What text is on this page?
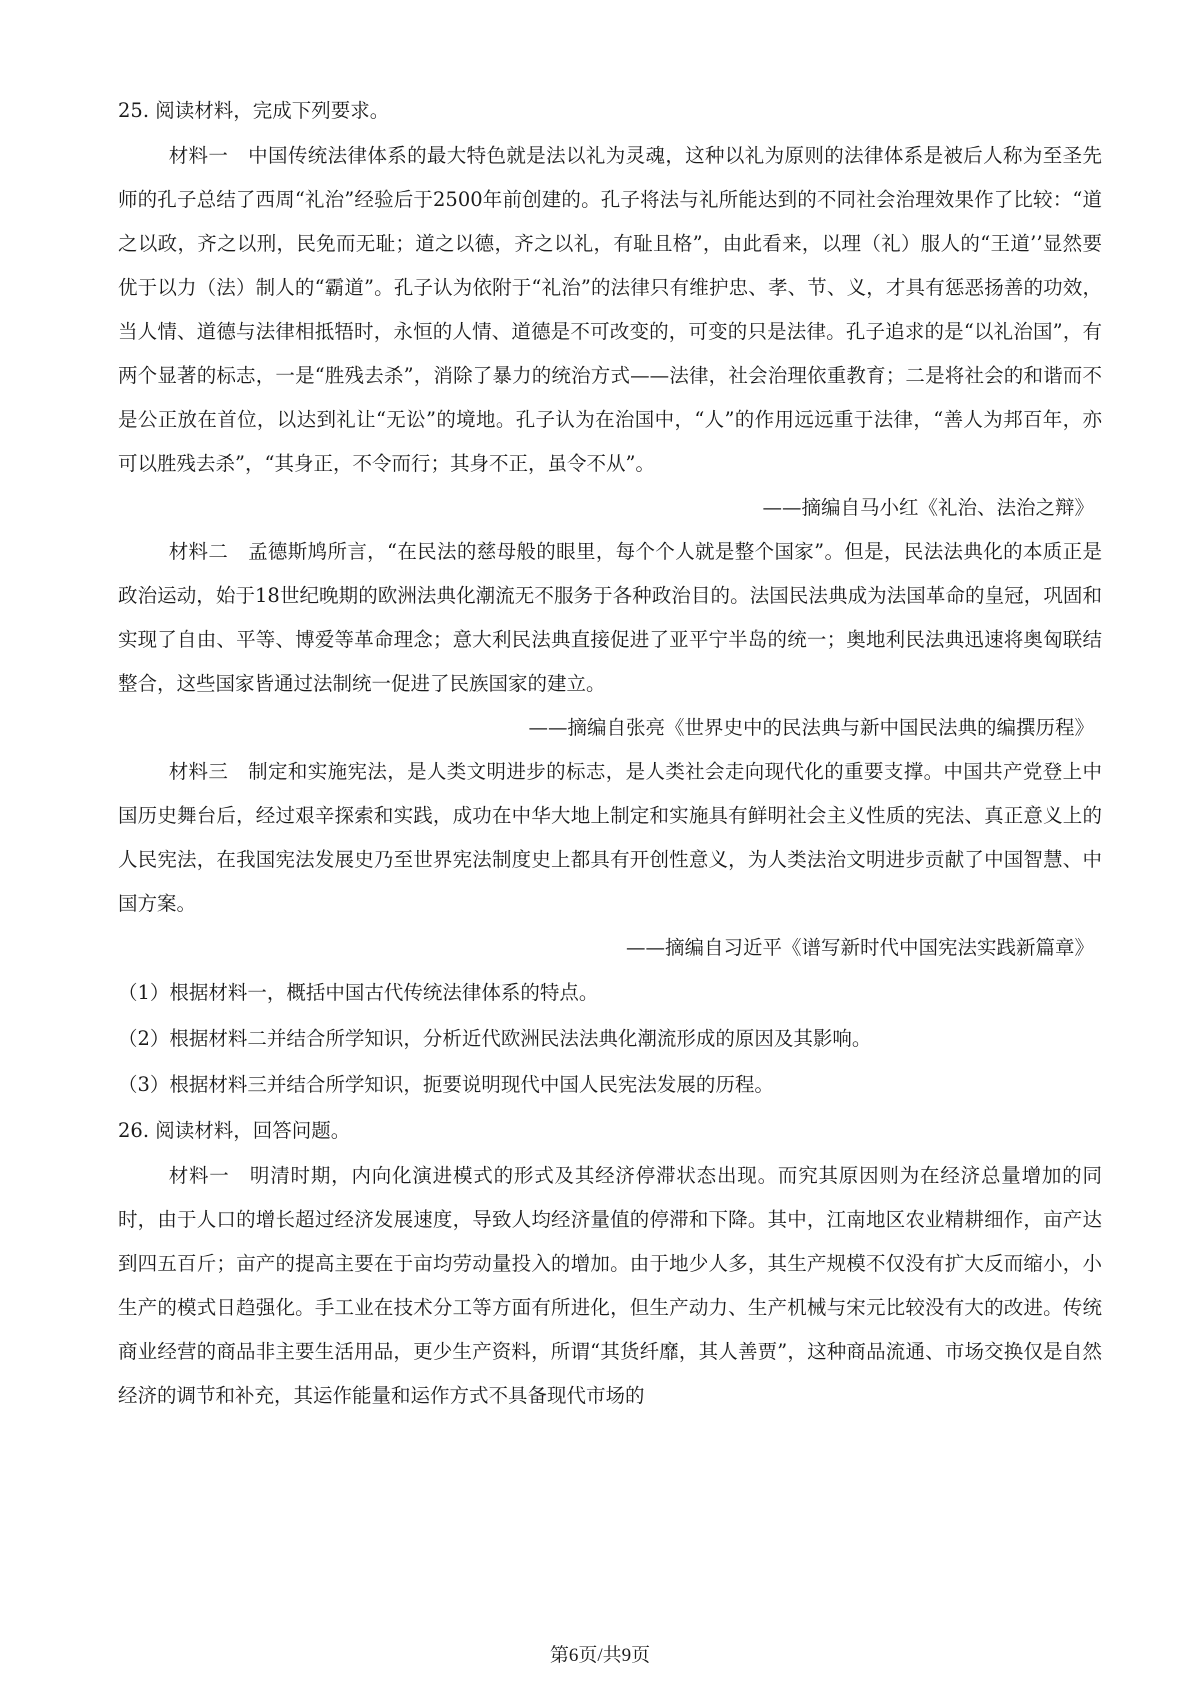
25. 阅读材料，完成下列要求。

材料一　中国传统法律体系的最大特色就是法以礼为灵魂，这种以礼为原则的法律体系是被后人称为至圣先师的孔子总结了西周“礼治”经验后于2500年前创建的。孔子将法与礼所能达到的不同社会治理效果作了比较：“道之以政，齐之以刑，民免而无耻；道之以德，齐之以礼，有耻且格”，由此看来，以理（礼）服人的“王道’’显然要优于以力（法）制人的“霸道”。孔子认为依附于“礼治”的法律只有维护忠、孝、节、义，才具有惩恶扬善的功效，当人情、道德与法律相抵牾时，永恒的人情、道德是不可改变的，可变的只是法律。孔子追求的是“以礼治国”，有两个显著的标志，一是“胜残去杀”，消除了暴力的统治方式——法律，社会治理依重教育；二是将社会的和谐而不是公正放在首位，以达到礼让“无讼”的境地。孔子认为在治国中，“人”的作用远远重于法律，“善人为邦百年，亦可以胜残去杀”，“其身正，不令而行；其身不正，虽令不从”。

——摘编自马小红《礼治、法治之辩》

材料二　孟德斯鸠所言，“在民法的慈母般的眼里，每个个人就是整个国家”。但是，民法法典化的本质正是政治运动，始于18世纪晚期的欧洲法典化潮流无不服务于各种政治目的。法国民法典成为法国革命的皇冠，巩固和实现了自由、平等、博爱等革命理念；意大利民法典直接促进了亚平宁半岛的统一；奥地利民法典迅速将奥匈联结整合，这些国家皆通过法制统一促进了民族国家的建立。

——摘编自张亮《世界史中的民法典与新中国民法典的编撰历程》

材料三　制定和实施宪法，是人类文明进步的标志，是人类社会走向现代化的重要支撑。中国共产党登上中国历史舞台后，经过艰辛探索和实践，成功在中华大地上制定和实施具有鲜明社会主义性质的宪法、真正意义上的人民宪法，在我国宪法发展史乃至世界宪法制度史上都具有开创性意义，为人类法治文明进步贡献了中国智慧、中国方案。

——摘编自习近平《谱写新时代中国宪法实践新篇章》

（1）根据材料一，概括中国古代传统法律体系的特点。

（2）根据材料二并结合所学知识，分析近代欧洲民法法典化潮流形成的原因及其影响。

（3）根据材料三并结合所学知识，扼要说明现代中国人民宪法发展的历程。

26. 阅读材料，回答问题。

材料一　明清时期，内向化演进模式的形式及其经济停滞状态出现。而究其原因则为在经济总量增加的同时，由于人口的增长超过经济发展速度，导致人均经济量值的停滞和下降。其中，江南地区农业精耕细作，亩产达到四五百斤；亩产的提高主要在于亩均劳动量投入的增加。由于地少人多，其生产规模不仅没有扩大反而缩小，小生产的模式日趋强化。手工业在技术分工等方面有所进化，但生产动力、生产机械与宋元比较没有大的改进。传统商业经营的商品非主要生活用品，更少生产资料，所谓“其货纤靡，其人善贾”，这种商品流通、市场交换仅是自然经济的调节和补充，其运作能量和运作方式不具备现代市场的

第6页/共9页
